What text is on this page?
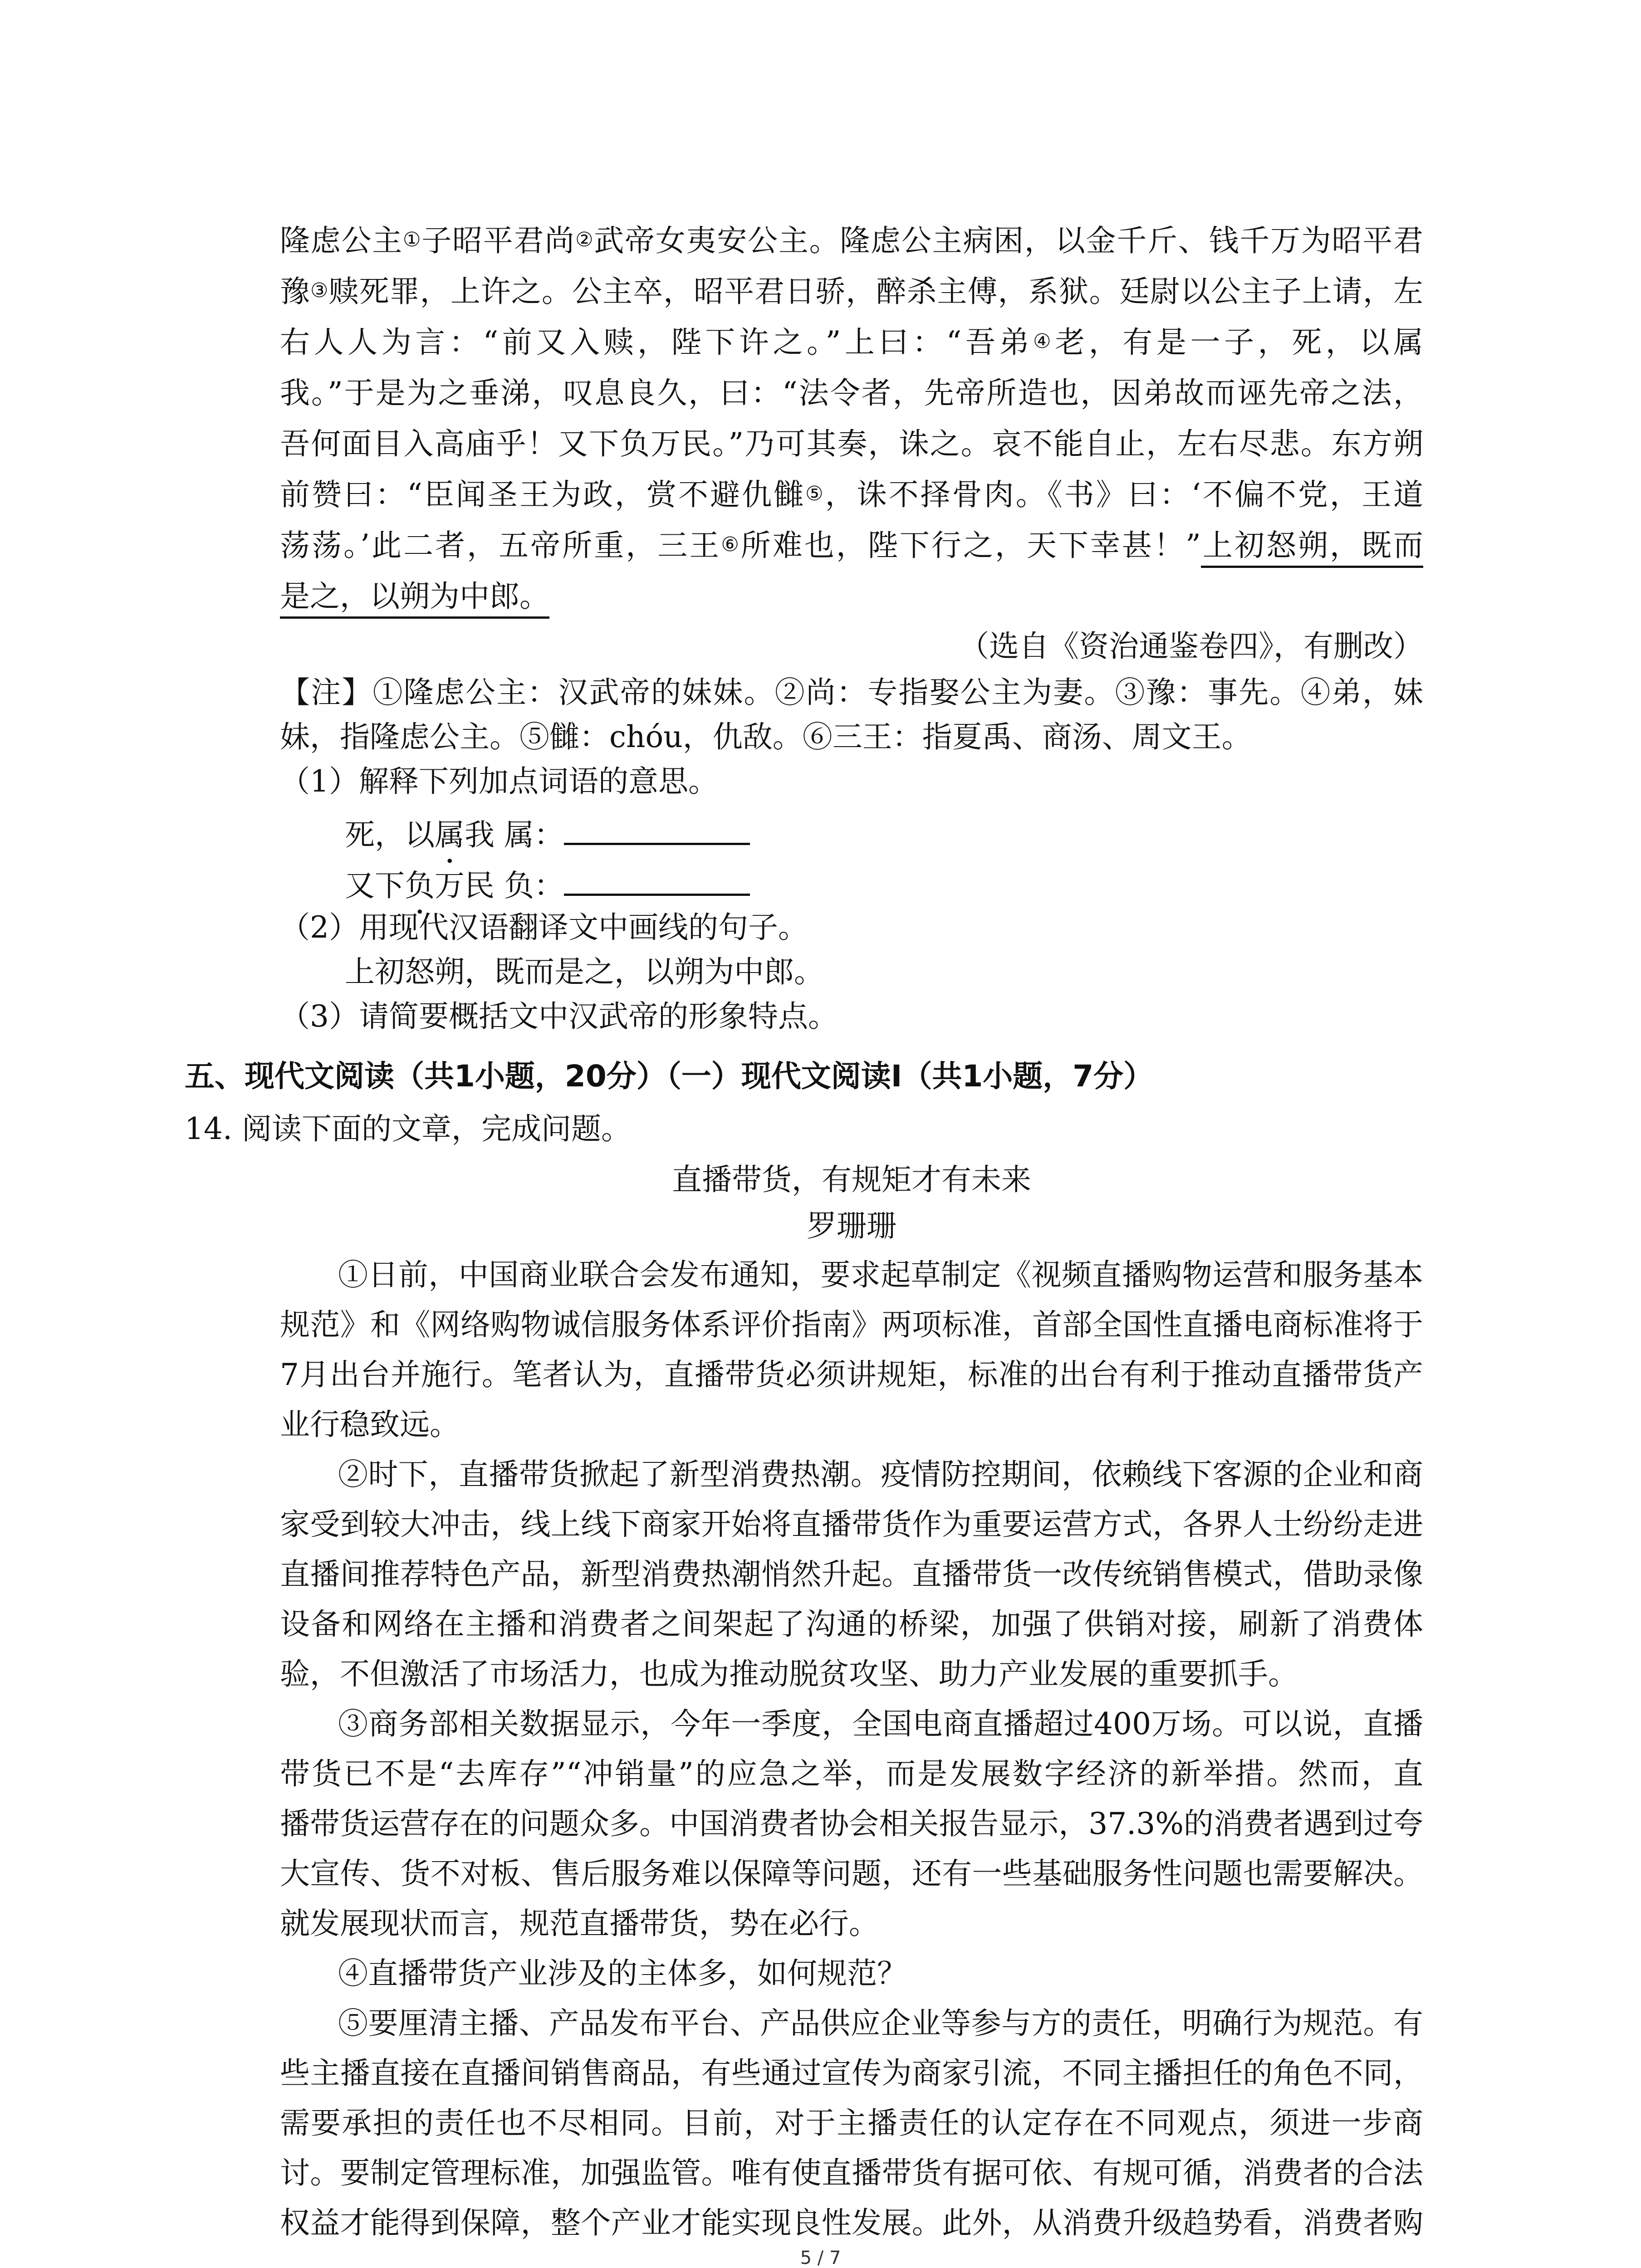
隆虑公主①子昭平君尚②武帝女夷安公主。隆虑公主病困，以金千斤、钱千万为昭平君
豫③赎死罪，上许之。公主卒，昭平君日骄，醉杀主傅，系狱。廷尉以公主子上请，左
右人人为言：“前又入赎，陛下许之。”上曰：“吾弟④老，有是一子，死，以属
我。”于是为之垂涕，叹息良久，曰：“法令者，先帝所造也，因弟故而诬先帝之法，
吾何面目入高庙乎！又下负万民。”乃可其奏，诛之。哀不能自止，左右尽悲。东方朔
前赞曰：“臣闻圣王为政，赏不避仇雠⑤，诛不择骨肉。《书》曰：‘不偏不党，王道
荡荡。’此二者，五帝所重，三王⑥所难也，陛下行之，天下幸甚！”上初怒朔，既而
是之，以朔为中郎。
（选自《资治通鉴卷四》，有删改）
【注】①隆虑公主：汉武帝的妹妹。②尚：专指娶公主为妻。③豫：事先。④弟，妹
妹，指隆虑公主。⑤雠：chóu，仇敌。⑥三王：指夏禹、商汤、周文王。
（1）解释下列加点词语的意思。
死，以属我 属：
又下负万民 负：
（2）用现代汉语翻译文中画线的句子。
上初怒朔，既而是之，以朔为中郎。
（3）请简要概括文中汉武帝的形象特点。
五、现代文阅读（共1小题，20分）（一）现代文阅读Ⅰ（共1小题，7分）
14. 阅读下面的文章，完成问题。
直播带货，有规矩才有未来
罗珊珊
①日前，中国商业联合会发布通知，要求起草制定《视频直播购物运营和服务基本
规范》和《网络购物诚信服务体系评价指南》两项标准，首部全国性直播电商标准将于
7月出台并施行。笔者认为，直播带货必须讲规矩，标准的出台有利于推动直播带货产
业行稳致远。
②时下，直播带货掀起了新型消费热潮。疫情防控期间，依赖线下客源的企业和商
家受到较大冲击，线上线下商家开始将直播带货作为重要运营方式，各界人士纷纷走进
直播间推荐特色产品，新型消费热潮悄然升起。直播带货一改传统销售模式，借助录像
设备和网络在主播和消费者之间架起了沟通的桥梁，加强了供销对接，刷新了消费体
验，不但激活了市场活力，也成为推动脱贫攻坚、助力产业发展的重要抓手。
③商务部相关数据显示，今年一季度，全国电商直播超过400万场。可以说，直播
带货已不是“去库存”“冲销量”的应急之举，而是发展数字经济的新举措。然而，直
播带货运营存在的问题众多。中国消费者协会相关报告显示，37.3%的消费者遇到过夸
大宣传、货不对板、售后服务难以保障等问题，还有一些基础服务性问题也需要解决。
就发展现状而言，规范直播带货，势在必行。
④直播带货产业涉及的主体多，如何规范？
⑤要厘清主播、产品发布平台、产品供应企业等参与方的责任，明确行为规范。有
些主播直接在直播间销售商品，有些通过宣传为商家引流，不同主播担任的角色不同，
需要承担的责任也不尽相同。目前，对于主播责任的认定存在不同观点，须进一步商
讨。要制定管理标准，加强监管。唯有使直播带货有据可依、有规可循，消费者的合法
权益才能得到保障，整个产业才能实现良性发展。此外，从消费升级趋势看，消费者购
5 / 7
